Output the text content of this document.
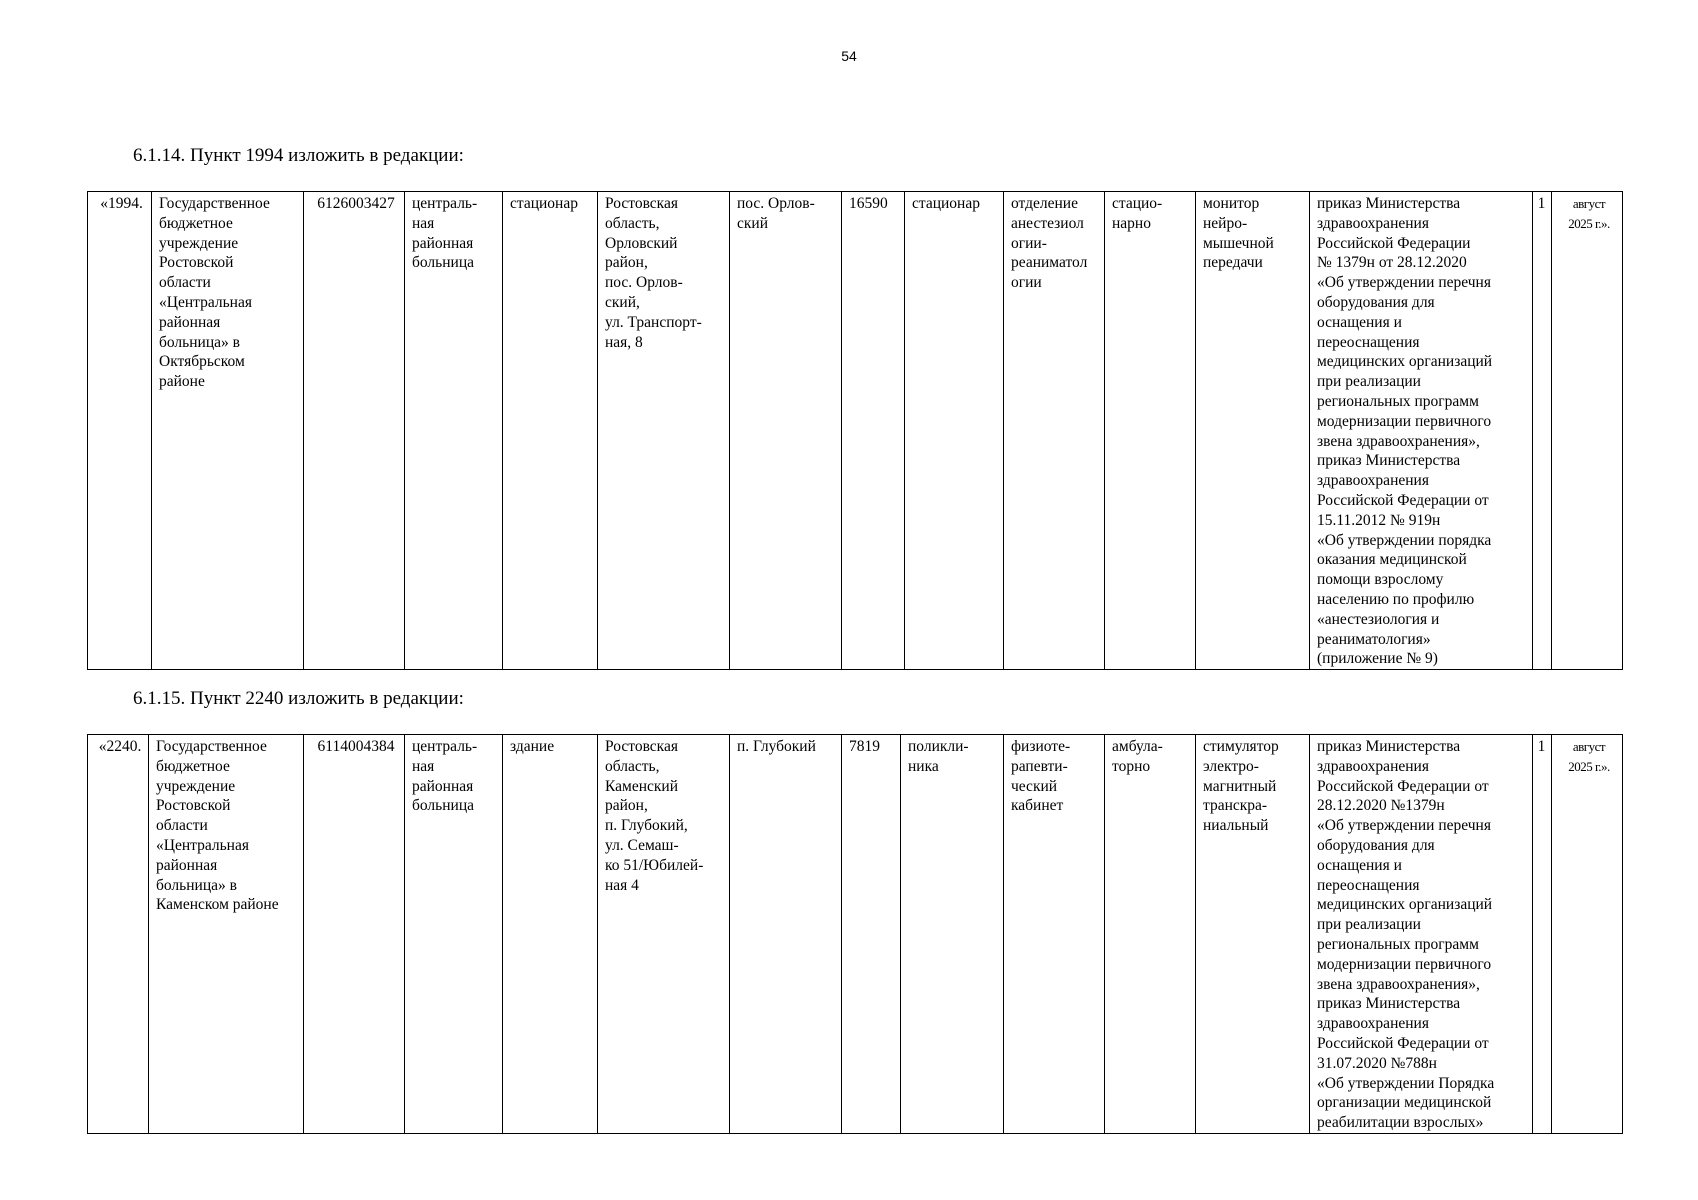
54
6.1.14. Пункт 1994 изложить в редакции:
«1994.	Государственное
бюджетное
учреждение
Ростовской
области
«Центральная
районная
больница» в
Октябрьском
районе	6126003427	централь-
ная
районная
больница	стационар	Ростовская
область,
Орловский
район,
пос. Орлов-
ский,
ул. Транспорт-
ная, 8	пос. Орлов-
ский	16590	стационар	отделение
анестезиол
огии-
реаниматол
огии	стацио-
нарно	монитор
нейро-
мышечной
передачи	приказ Министерства
здравоохранения
Российской Федерации
№ 1379н от 28.12.2020
«Об утверждении перечня
оборудования для
оснащения и
переоснащения
медицинских организаций
при реализации
региональных программ
модернизации первичного
звена здравоохранения»,
приказ Министерства
здравоохранения
Российской Федерации от
15.11.2012 № 919н
«Об утверждении порядка
оказания медицинской
помощи взрослому
населению по профилю
«анестезиология и
реаниматология»
(приложение № 9)	1	август
2025 г.».
6.1.15. Пункт 2240 изложить в редакции:
«2240.	Государственное
бюджетное
учреждение
Ростовской
области
«Центральная
районная
больница» в
Каменском районе	6114004384	централь-
ная
районная
больница	здание	Ростовская
область,
Каменский
район,
п. Глубокий,
ул. Семаш-
ко 51/Юбилей-
ная 4	п. Глубокий	7819	поликли-
ника	физиоте-
рапевти-
ческий
кабинет	амбула-
торно	стимулятор
электро-
магнитный
транскра-
ниальный	приказ Министерства
здравоохранения
Российской Федерации от
28.12.2020 №1379н
«Об утверждении перечня
оборудования для
оснащения и
переоснащения
медицинских организаций
при реализации
региональных программ
модернизации первичного
звена здравоохранения»,
приказ Министерства
здравоохранения
Российской Федерации от
31.07.2020 №788н
«Об утверждении Порядка
организации медицинской
реабилитации взрослых»	1	август
2025 г.».
